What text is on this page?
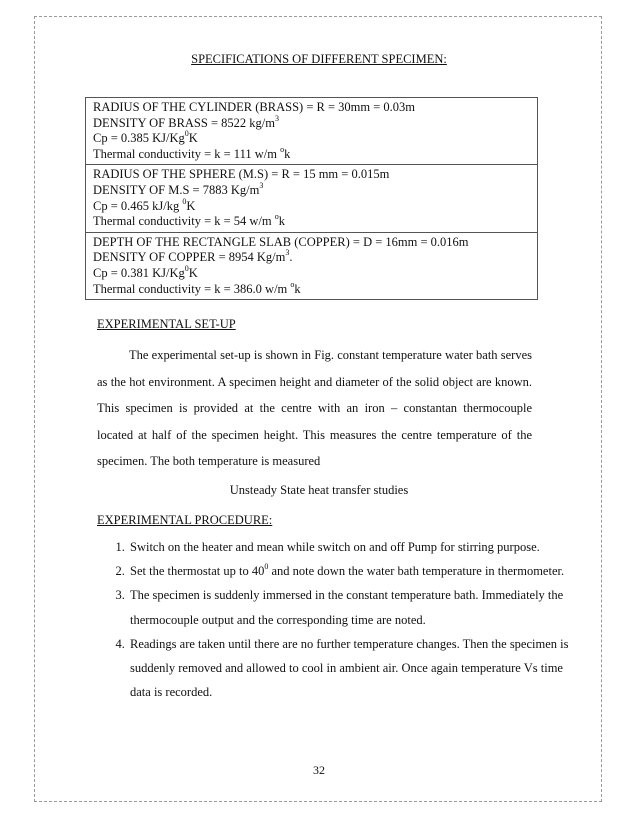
SPECIFICATIONS OF DIFFERENT SPECIMEN:
RADIUS OF THE CYLINDER (BRASS) = R = 30mm = 0.03m
DENSITY OF BRASS = 8522 $kg/m^3$
Cp = 0.385 KJ/Kg$^0$K
Thermal conductivity = k = 111 w/m $^o$k
RADIUS OF THE SPHERE (M.S) = R = 15 mm = 0.015m
DENSITY OF M.S = 7883 $Kg/m^3$
Cp = 0.465 kJ/kg $^0$K
Thermal conductivity = k = 54 w/m $^o$k
DEPTH OF THE RECTANGLE SLAB (COPPER) = D = 16mm = 0.016m
DENSITY OF COPPER = 8954 $Kg/m^3$.
Cp = 0.381 KJ/Kg$^0$K
Thermal conductivity = k = 386.0 w/m $^o$k
EXPERIMENTAL SET-UP
The experimental set-up is shown in Fig. constant temperature water bath serves as the hot environment. A specimen height and diameter of the solid object are known. This specimen is provided at the centre with an iron – constantan thermocouple located at half of the specimen height. This measures the centre temperature of the specimen. The both temperature is measured
Unsteady State heat transfer studies
EXPERIMENTAL PROCEDURE:
1. Switch on the heater and mean while switch on and off Pump for stirring purpose.
2. Set the thermostat up to $40^0$ and note down the water bath temperature in thermometer.
3. The specimen is suddenly immersed in the constant temperature bath. Immediately the thermocouple output and the corresponding time are noted.
4. Readings are taken until there are no further temperature changes. Then the specimen is suddenly removed and allowed to cool in ambient air. Once again temperature Vs time data is recorded.
32
